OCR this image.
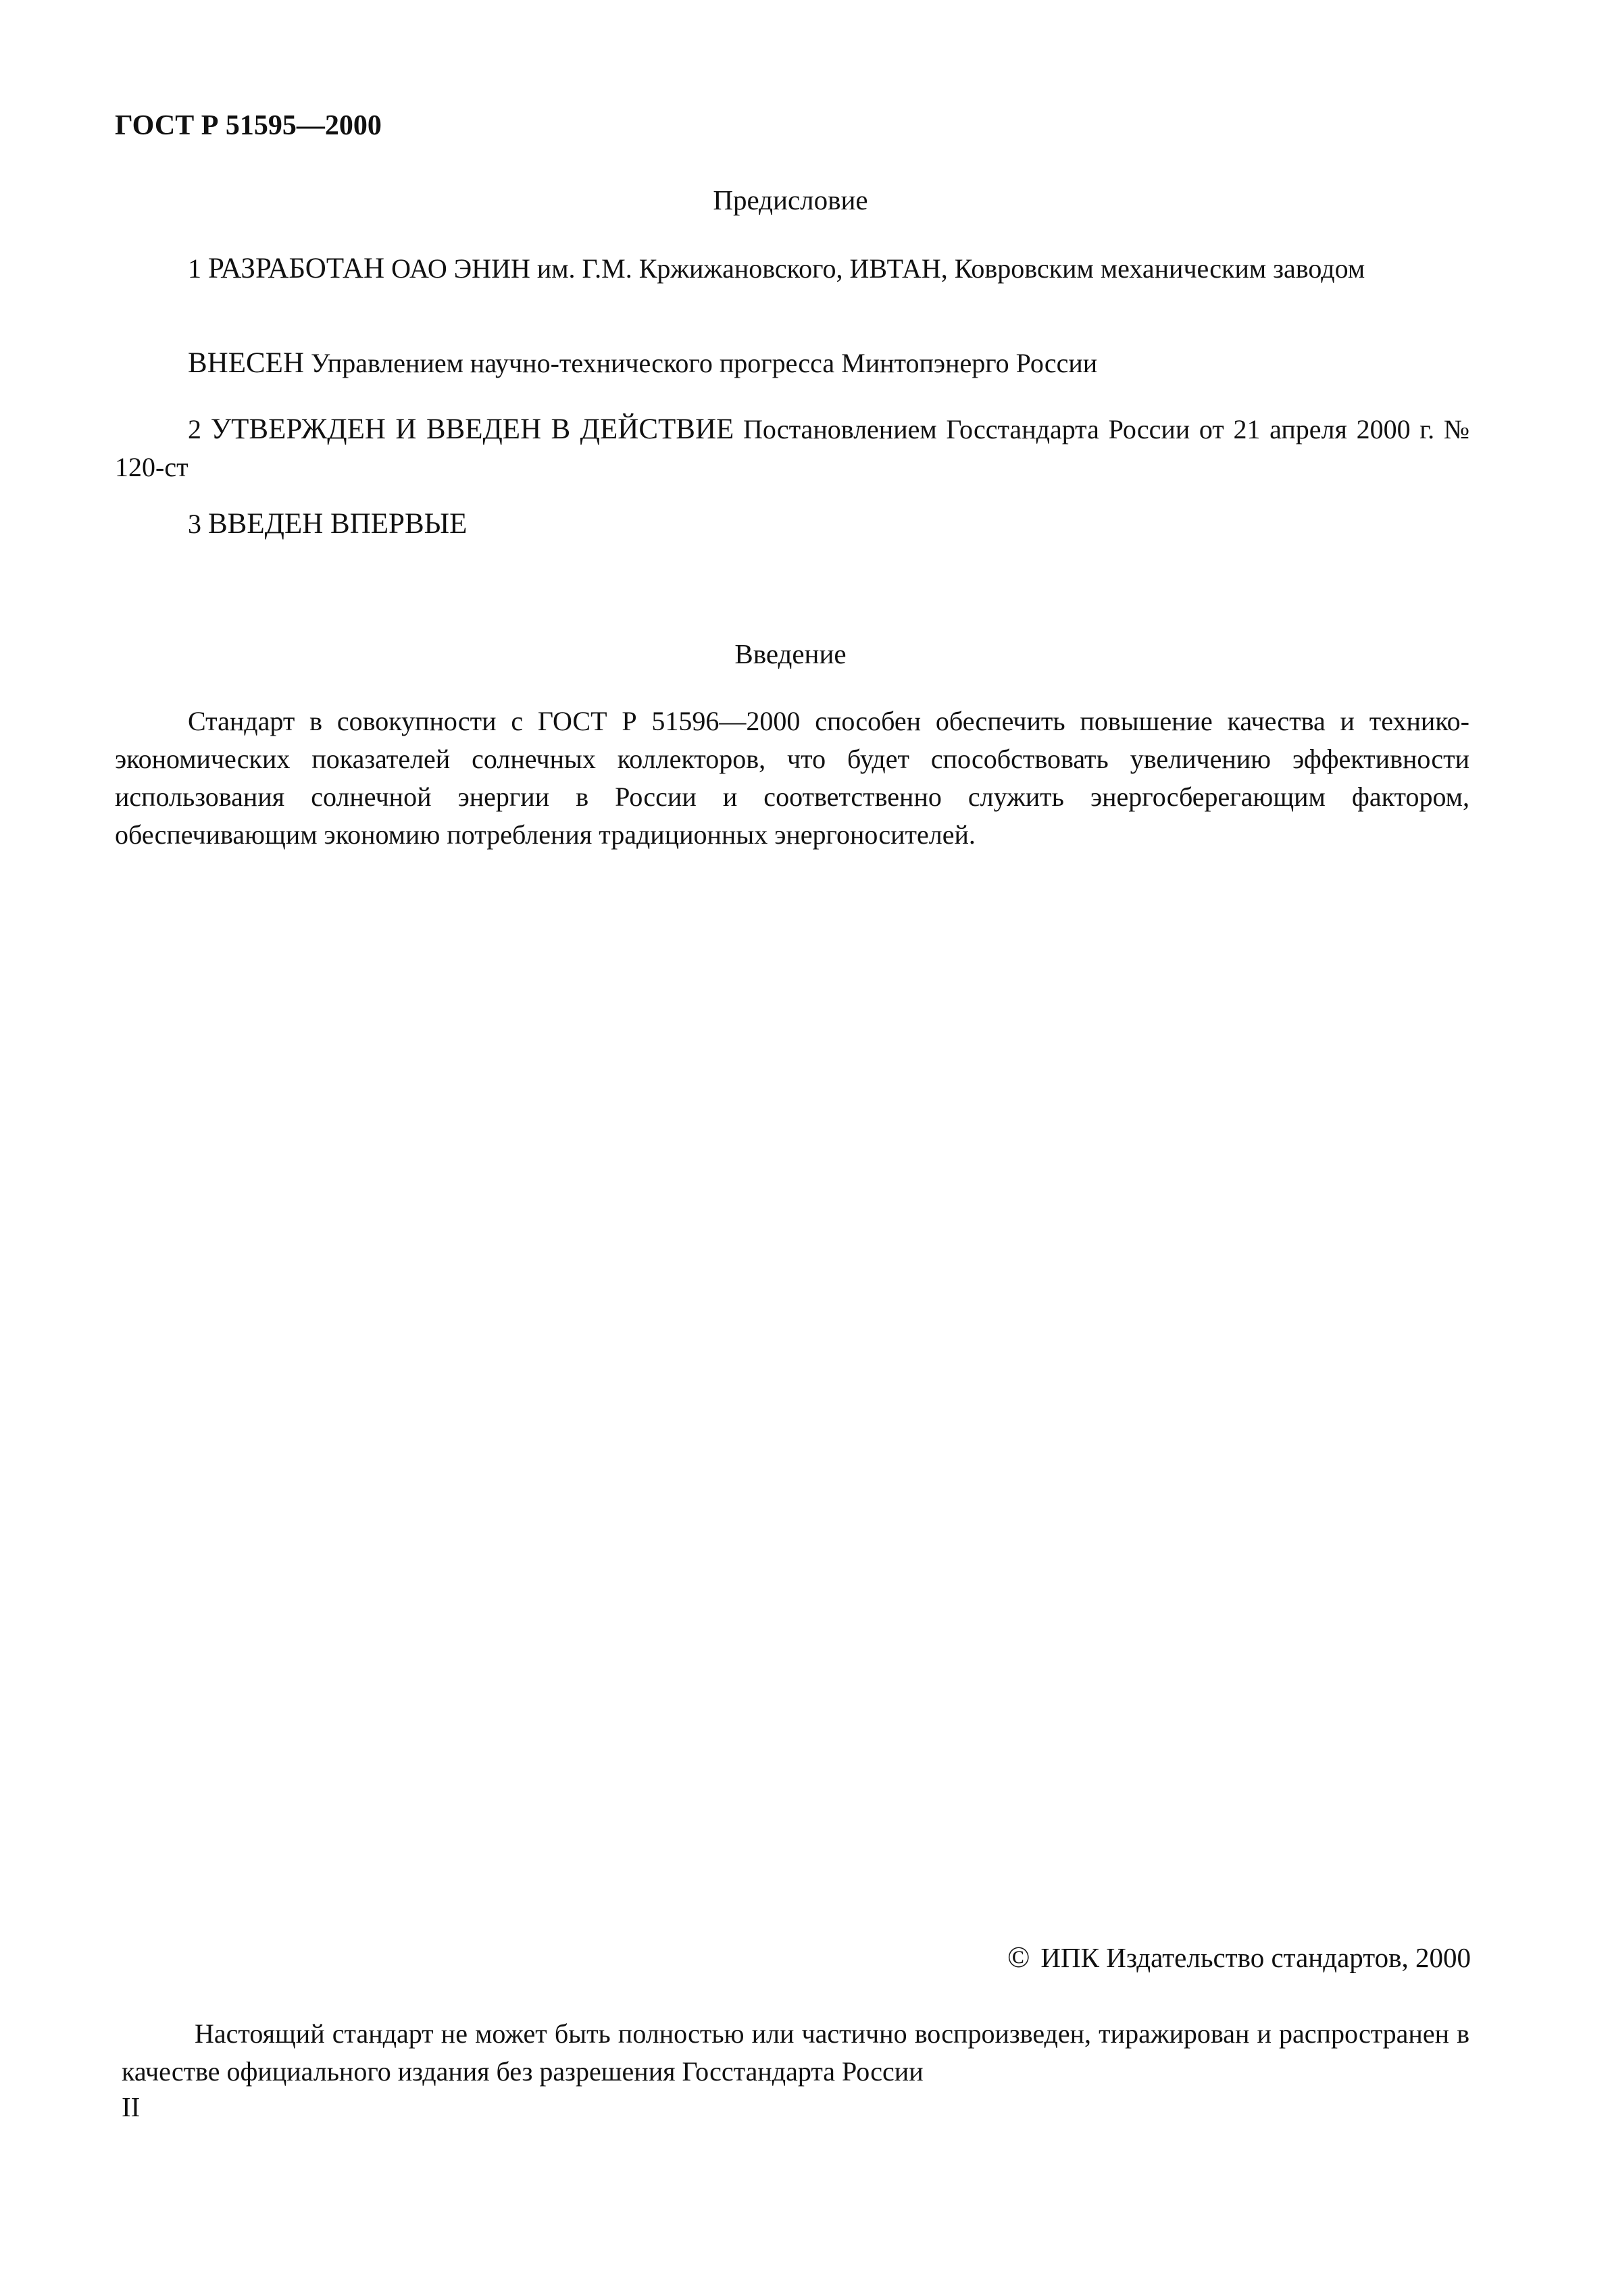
ГОСТ Р 51595—2000
Предисловие
1 РАЗРАБОТАН ОАО ЭНИН им. Г.М. Кржижановского, ИВТАН, Ковровским механическим заводом
ВНЕСЕН Управлением научно-технического прогресса Минтопэнерго России
2 УТВЕРЖДЕН И ВВЕДЕН В ДЕЙСТВИЕ Постановлением Госстандарта России от 21 апреля 2000 г. № 120-ст
3 ВВЕДЕН ВПЕРВЫЕ
Введение
Стандарт в совокупности с ГОСТ Р 51596—2000 способен обеспечить повышение качества и технико-экономических показателей солнечных коллекторов, что будет способствовать увеличению эффективности использования солнечной энергии в России и соответственно служить энергосберегающим фактором, обеспечивающим экономию потребления традиционных энергоносителей.
© ИПК Издательство стандартов, 2000
Настоящий стандарт не может быть полностью или частично воспроизведен, тиражирован и распространен в качестве официального издания без разрешения Госстандарта России
II
